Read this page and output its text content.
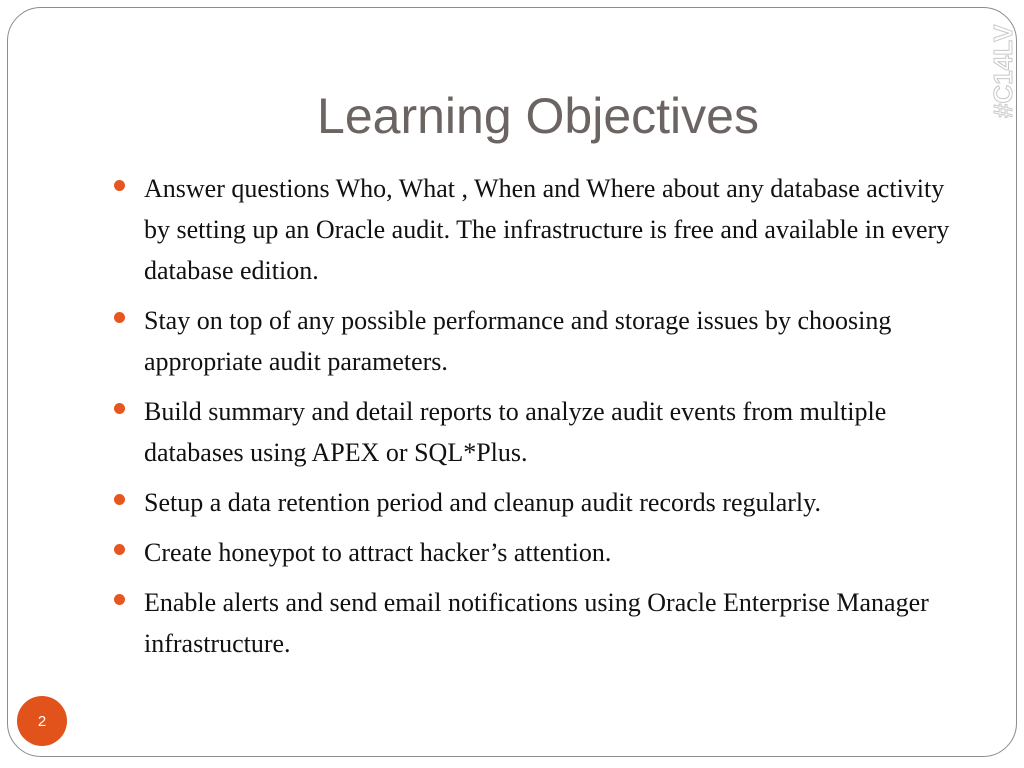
Learning Objectives	#C14LV
Answer questions Who, What , When and Where about any database activity by setting up an Oracle audit. The infrastructure is free and available in every database edition.
Stay on top of any possible performance and storage issues by choosing appropriate audit parameters.
Build summary and detail reports to analyze audit events from multiple databases using APEX or SQL*Plus.
Setup a data retention period and cleanup audit records regularly.
Create honeypot to attract hacker’s attention.
Enable alerts and send email notifications using Oracle Enterprise Manager infrastructure.
2
